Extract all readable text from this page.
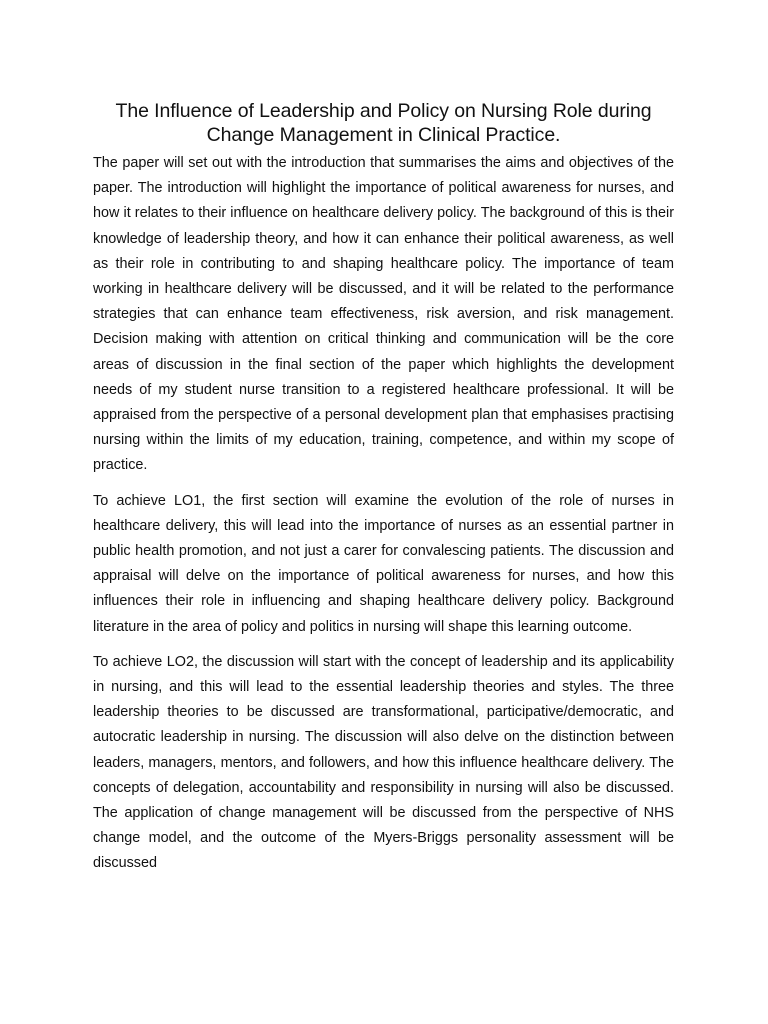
The Influence of Leadership and Policy on Nursing Role during Change Management in Clinical Practice.

The paper will set out with the introduction that summarises the aims and objectives of the paper. The introduction will highlight the importance of political awareness for nurses, and how it relates to their influence on healthcare delivery policy. The background of this is their knowledge of leadership theory, and how it can enhance their political awareness, as well as their role in contributing to and shaping healthcare policy. The importance of team working in healthcare delivery will be discussed, and it will be related to the performance strategies that can enhance team effectiveness, risk aversion, and risk management. Decision making with attention on critical thinking and communication will be the core areas of discussion in the final section of the paper which highlights the development needs of my student nurse transition to a registered healthcare professional. It will be appraised from the perspective of a personal development plan that emphasises practising nursing within the limits of my education, training, competence, and within my scope of practice.

To achieve LO1, the first section will examine the evolution of the role of nurses in healthcare delivery, this will lead into the importance of nurses as an essential partner in public health promotion, and not just a carer for convalescing patients. The discussion and appraisal will delve on the importance of political awareness for nurses, and how this influences their role in influencing and shaping healthcare delivery policy. Background literature in the area of policy and politics in nursing will shape this learning outcome.

To achieve LO2, the discussion will start with the concept of leadership and its applicability in nursing, and this will lead to the essential leadership theories and styles. The three leadership theories to be discussed are transformational, participative/democratic, and autocratic leadership in nursing. The discussion will also delve on the distinction between leaders, managers, mentors, and followers, and how this influence healthcare delivery. The concepts of delegation, accountability and responsibility in nursing will also be discussed. The application of change management will be discussed from the perspective of NHS change model, and the outcome of the Myers-Briggs personality assessment will be discussed
